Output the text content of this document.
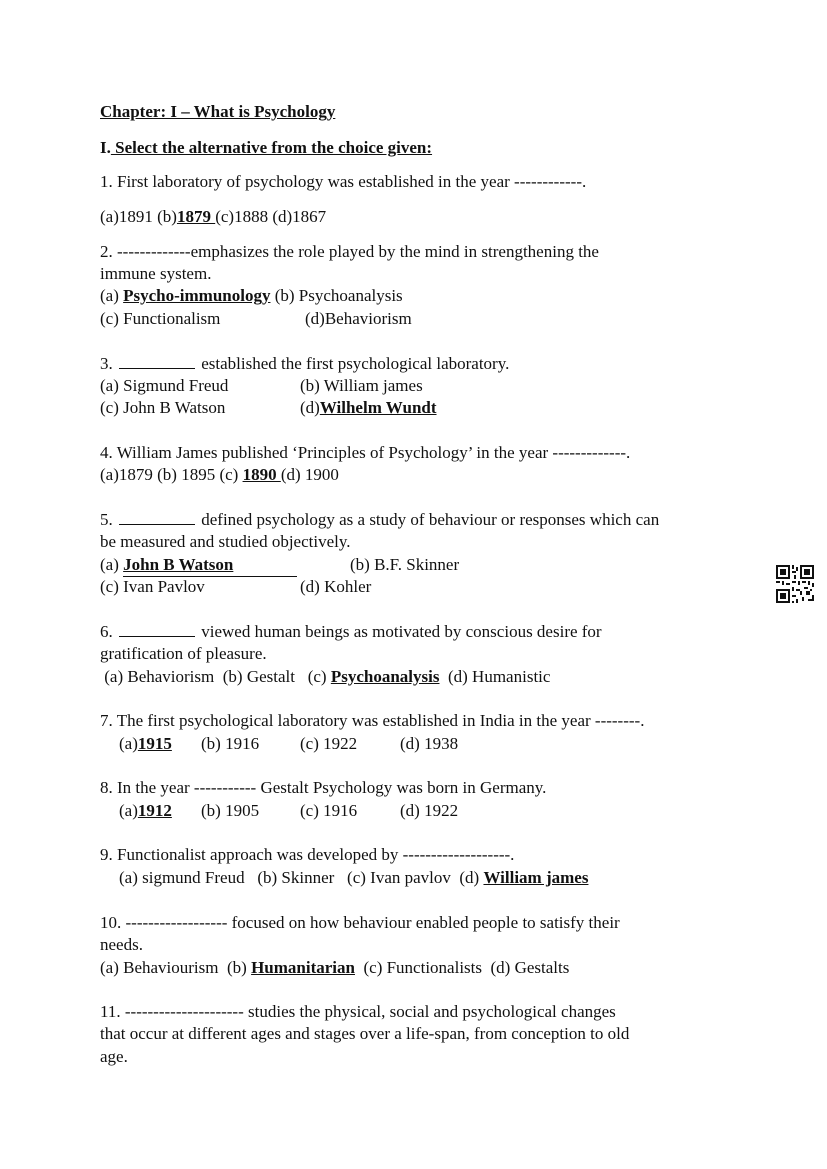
Chapter: I – What is Psychology
I. Select the alternative from the choice given:
1. First laboratory of psychology was established in the year ------------.
(a)1891 (b)1879 (c)1888 (d)1867
2. -------------emphasizes the role played by the mind in strengthening the
immune system.
(a) Psycho-immunology (b) Psychoanalysis
(c) Functionalism	(d)Behaviorism
3.	established the first psychological laboratory.
(a) Sigmund Freud	(b) William james
(c) John B Watson	(d)Wilhelm Wundt
4. William James published ‘Principles of Psychology’ in the year -------------.
(a)1879 (b) 1895 (c) 1890 (d) 1900
5.	defined psychology as a study of behaviour or responses which can
be measured and studied objectively.
(a) John B Watson	(b) B.F. Skinner
(c) Ivan Pavlov	(d) Kohler
6.	viewed human beings as motivated by conscious desire for
gratification of pleasure.
(a) Behaviorism  (b) Gestalt   (c) Psychoanalysis  (d) Humanistic
7. The first psychological laboratory was established in India in the year --------.
(a)1915 (b) 1916 (c) 1922	(d) 1938
8. In the year ----------- Gestalt Psychology was born in Germany.
(a)1912 (b) 1905 (c) 1916	(d) 1922
9. Functionalist approach was developed by -------------------.
(a) sigmund Freud   (b) Skinner   (c) Ivan pavlov  (d) William james
10. ------------------ focused on how behaviour enabled people to satisfy their
needs.
(a) Behaviourism  (b) Humanitarian  (c) Functionalists  (d) Gestalts
11. --------------------- studies the physical, social and psychological changes
that occur at different ages and stages over a life-span, from conception to old
age.
